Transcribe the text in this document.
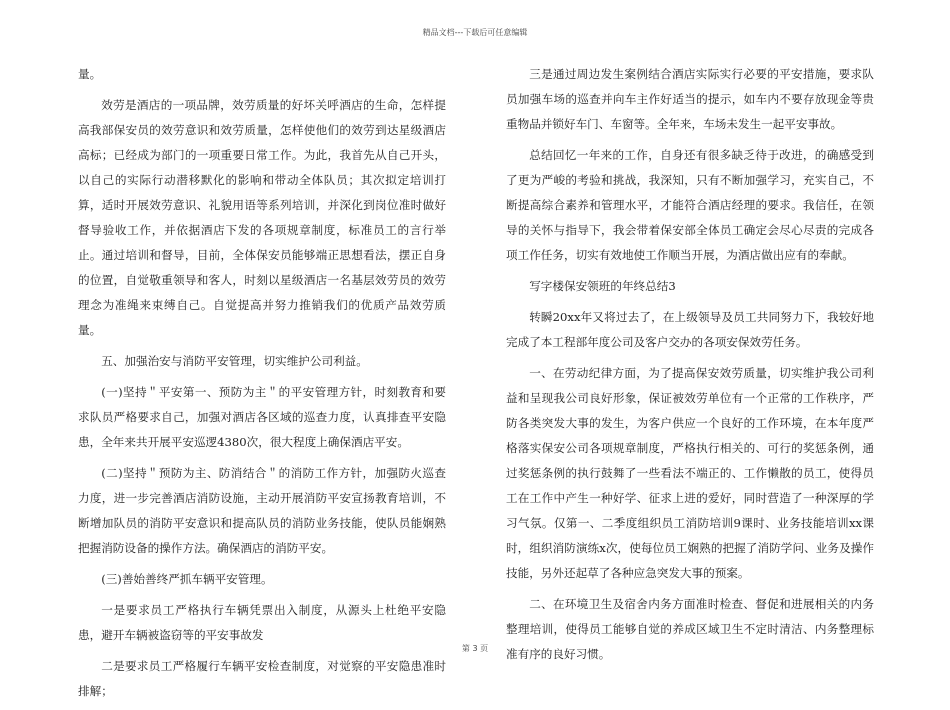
精品文档---下载后可任意编辑

量。

效劳是酒店的一项品牌，效劳质量的好坏关呼酒店的生命，怎样提高我部保安员的效劳意识和效劳质量，怎样使他们的效劳到达星级酒店高标；已经成为部门的一项重要日常工作。为此，我首先从自己开头，以自己的实际行动潜移默化的影响和带动全体队员；其次拟定培训打算，适时开展效劳意识、礼貌用语等系列培训，并深化到岗位准时做好督导验收工作，并依据酒店下发的各项规章制度，标准员工的言行举止。通过培训和督导，目前，全体保安员能够端正思想看法，摆正自身的位置，自觉敬重领导和客人，时刻以星级酒店一名基层效劳员的效劳理念为准绳来束缚自己。自觉提高并努力推销我们的优质产品效劳质量。

五、加强治安与消防平安管理，切实维护公司利益。

(一)坚持＂平安第一、预防为主＂的平安管理方针，时刻教育和要求队员严格要求自己，加强对酒店各区域的巡查力度，认真排查平安隐患，全年来共开展平安巡逻4380次，很大程度上确保酒店平安。

(二)坚持＂预防为主、防消结合＂的消防工作方针，加强防火巡查力度，进一步完善酒店消防设施，主动开展消防平安宣扬教育培训，不断增加队员的消防平安意识和提高队员的消防业务技能，使队员能娴熟把握消防设备的操作方法。确保酒店的消防平安。

(三)善始善终严抓车辆平安管理。

一是要求员工严格执行车辆凭票出入制度，从源头上杜绝平安隐患，避开车辆被盗窃等的平安事故发

二是要求员工严格履行车辆平安检查制度，对觉察的平安隐患准时排解；

三是通过周边发生案例结合酒店实际实行必要的平安措施，要求队员加强车场的巡查并向车主作好适当的提示，如车内不要存放现金等贵重物品并锁好车门、车窗等。全年来，车场未发生一起平安事故。

总结回忆一年来的工作，自身还有很多缺乏待于改进，的确感受到了更为严峻的考验和挑战，我深知，只有不断加强学习，充实自己，不断提高综合素养和管理水平，才能符合酒店经理的要求。我信任，在领导的关怀与指导下，我会带着保安部全体员工确定会尽心尽责的完成各项工作任务，切实有效地使工作顺当开展，为酒店做出应有的奉献。

写字楼保安领班的年终总结3

转瞬20xx年又将过去了，在上级领导及员工共同努力下，我较好地完成了本工程部年度公司及客户交办的各项安保效劳任务。

一、在劳动纪律方面，为了提高保安效劳质量，切实维护我公司利益和呈现我公司良好形象，保证被效劳单位有一个正常的工作秩序，严防各类突发大事的发生，为客户供应一个良好的工作环境，在本年度严格落实保安公司各项规章制度，严格执行相关的、可行的奖惩条例，通过奖惩条例的执行鼓舞了一些看法不端正的、工作懒散的员工，使得员工在工作中产生一种好学、征求上进的爱好，同时营造了一种深厚的学习气氛。仅第一、二季度组织员工消防培训9课时、业务技能培训xx课时，组织消防演练x次，使每位员工娴熟的把握了消防学问、业务及操作技能，另外还起草了各种应急突发大事的预案。

二、在环境卫生及宿舍内务方面准时检查、督促和进展相关的内务整理培训，使得员工能够自觉的养成区域卫生不定时清洁、内务整理标准有序的良好习惯。

第 3 页
